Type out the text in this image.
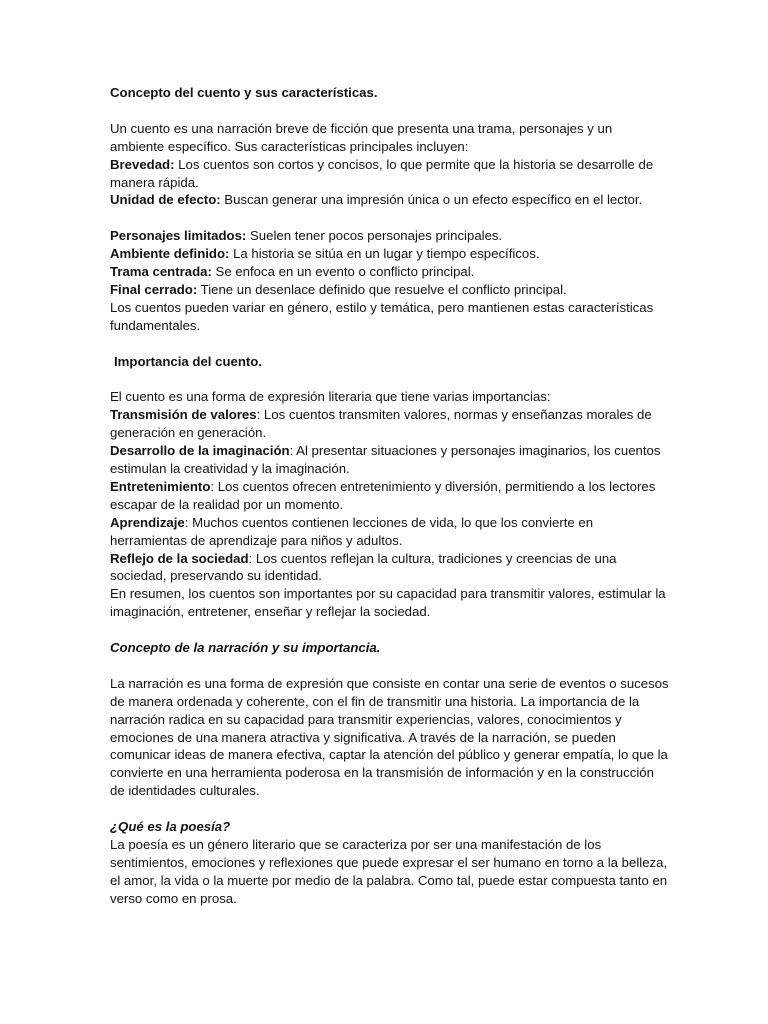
Concepto del cuento y sus características.

Un cuento es una narración breve de ficción que presenta una trama, personajes y un ambiente específico. Sus características principales incluyen:

Brevedad: Los cuentos son cortos y concisos, lo que permite que la historia se desarrolle de manera rápida.

Unidad de efecto: Buscan generar una impresión única o un efecto específico en el lector.

Personajes limitados: Suelen tener pocos personajes principales.

Ambiente definido: La historia se sitúa en un lugar y tiempo específicos.

Trama centrada: Se enfoca en un evento o conflicto principal.

Final cerrado: Tiene un desenlace definido que resuelve el conflicto principal.

Los cuentos pueden variar en género, estilo y temática, pero mantienen estas características fundamentales.

Importancia del cuento.

El cuento es una forma de expresión literaria que tiene varias importancias:

Transmisión de valores: Los cuentos transmiten valores, normas y enseñanzas morales de generación en generación.

Desarrollo de la imaginación: Al presentar situaciones y personajes imaginarios, los cuentos estimulan la creatividad y la imaginación.

Entretenimiento: Los cuentos ofrecen entretenimiento y diversión, permitiendo a los lectores escapar de la realidad por un momento.

Aprendizaje: Muchos cuentos contienen lecciones de vida, lo que los convierte en herramientas de aprendizaje para niños y adultos.

Reflejo de la sociedad: Los cuentos reflejan la cultura, tradiciones y creencias de una sociedad, preservando su identidad.

En resumen, los cuentos son importantes por su capacidad para transmitir valores, estimular la imaginación, entretener, enseñar y reflejar la sociedad.

Concepto de la narración y su importancia.

La narración es una forma de expresión que consiste en contar una serie de eventos o sucesos de manera ordenada y coherente, con el fin de transmitir una historia. La importancia de la narración radica en su capacidad para transmitir experiencias, valores, conocimientos y emociones de una manera atractiva y significativa. A través de la narración, se pueden comunicar ideas de manera efectiva, captar la atención del público y generar empatía, lo que la convierte en una herramienta poderosa en la transmisión de información y en la construcción de identidades culturales.

¿Qué es la poesía?

La poesía es un género literario que se caracteriza por ser una manifestación de los sentimientos, emociones y reflexiones que puede expresar el ser humano en torno a la belleza, el amor, la vida o la muerte por medio de la palabra. Como tal, puede estar compuesta tanto en verso como en prosa.
